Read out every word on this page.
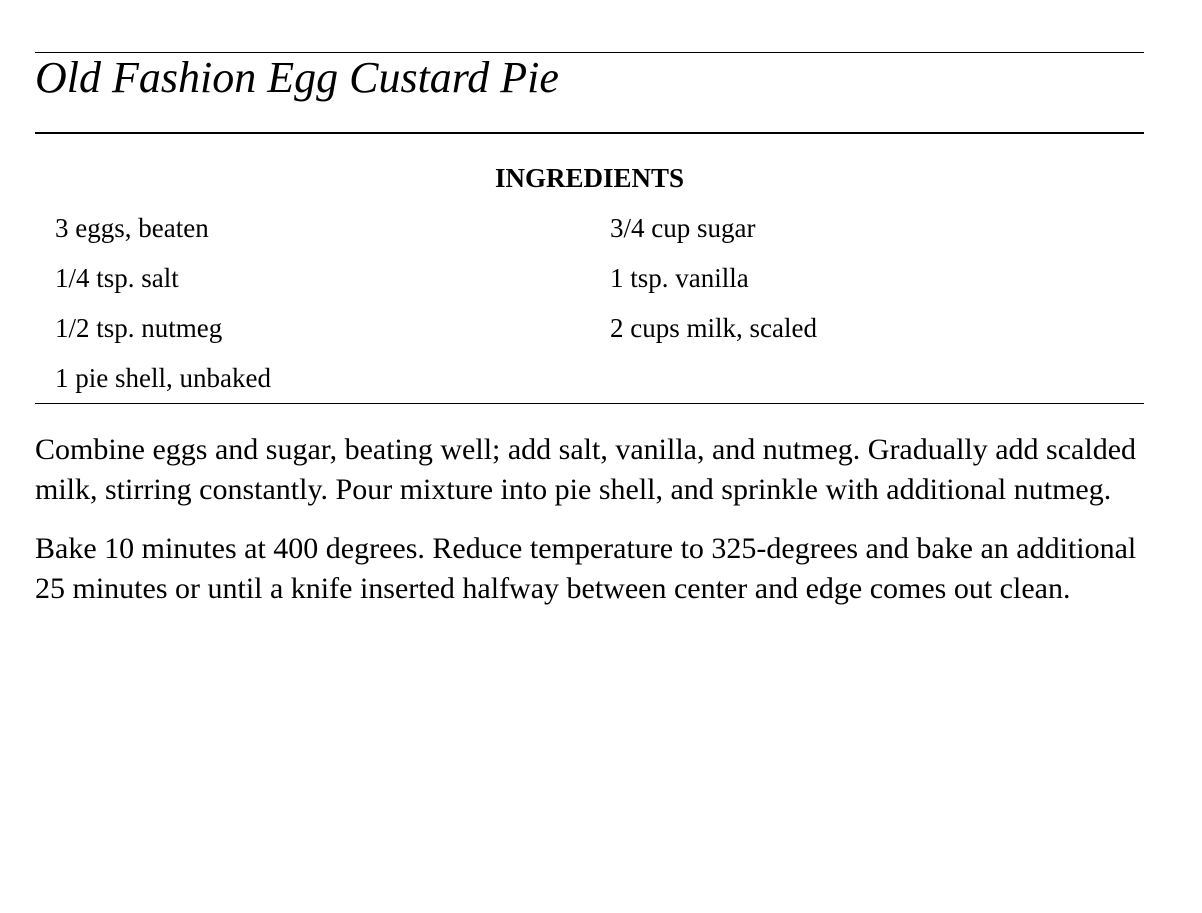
Old Fashion Egg Custard Pie
INGREDIENTS
3 eggs, beaten
1/4 tsp. salt
1/2 tsp. nutmeg
1 pie shell, unbaked
3/4 cup sugar
1 tsp. vanilla
2 cups milk, scaled

Combine eggs and sugar, beating well; add salt, vanilla, and nutmeg. Gradually add scalded milk, stirring constantly. Pour mixture into pie shell, and sprinkle with additional nutmeg.

Bake 10 minutes at 400 degrees. Reduce temperature to 325-degrees and bake an additional 25 minutes or until a knife inserted halfway between center and edge comes out clean.
